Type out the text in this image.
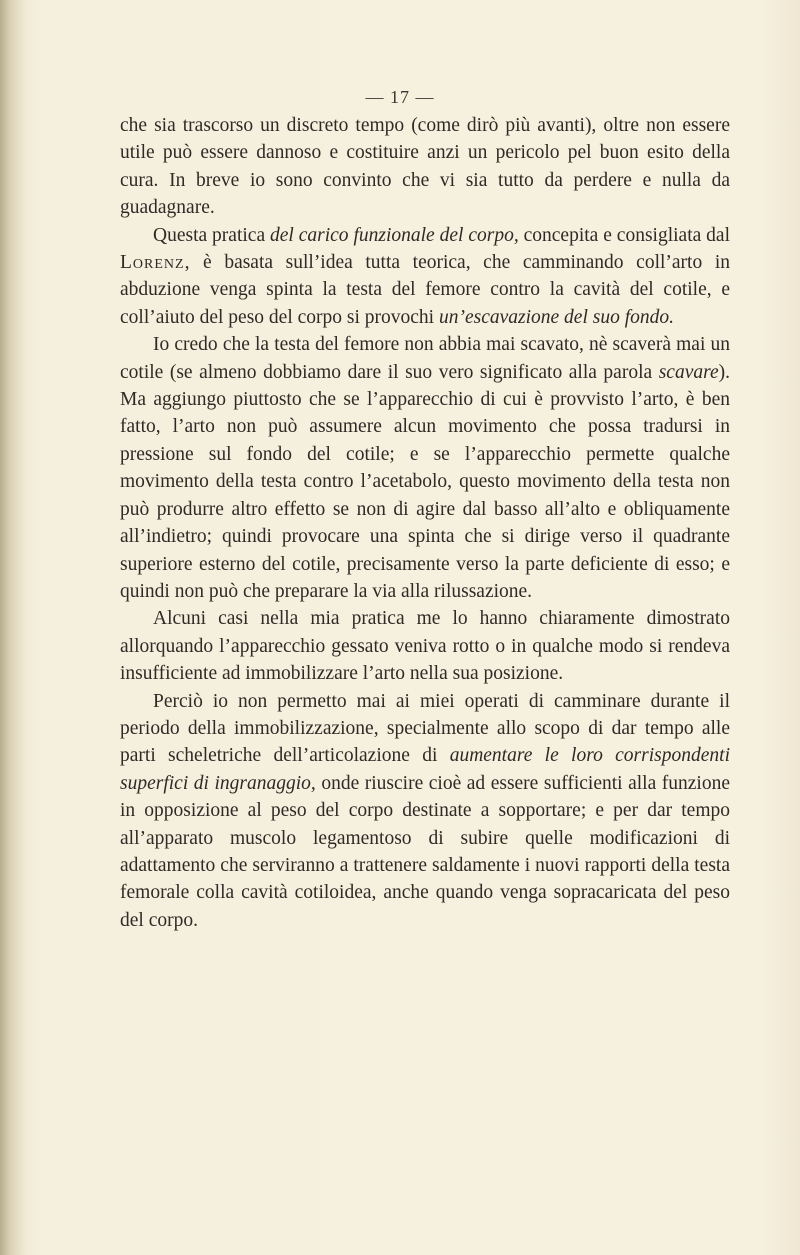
— 17 —

che sia trascorso un discreto tempo (come dirò più avanti), oltre non essere utile può essere dannoso e costituire anzi un pericolo pel buon esito della cura. In breve io sono convinto che vi sia tutto da perdere e nulla da guadagnare.

Questa pratica del carico funzionale del corpo, concepita e consigliata dal Lorenz, è basata sull’idea tutta teorica, che camminando coll’arto in abduzione venga spinta la testa del femore contro la cavità del cotile, e coll’aiuto del peso del corpo si provochi un’escavazione del suo fondo.

Io credo che la testa del femore non abbia mai scavato, nè scaverà mai un cotile (se almeno dobbiamo dare il suo vero significato alla parola scavare). Ma aggiungo piuttosto che se l’apparecchio di cui è provvisto l’arto, è ben fatto, l’arto non può assumere alcun movimento che possa tradursi in pressione sul fondo del cotile; e se l’apparecchio permette qualche movimento della testa contro l’acetabolo, questo movimento della testa non può produrre altro effetto se non di agire dal basso all’alto e obliquamente all’indietro; quindi provocare una spinta che si dirige verso il quadrante superiore esterno del cotile, precisamente verso la parte deficiente di esso; e quindi non può che preparare la via alla rilussazione.

Alcuni casi nella mia pratica me lo hanno chiaramente dimostrato allorquando l’apparecchio gessato veniva rotto o in qualche modo si rendeva insufficiente ad immobilizzare l’arto nella sua posizione.

Perciò io non permetto mai ai miei operati di camminare durante il periodo della immobilizzazione, specialmente allo scopo di dar tempo alle parti scheletriche dell’articolazione di aumentare le loro corrispondenti superfici di ingranaggio, onde riuscire cioè ad essere sufficienti alla funzione in opposizione al peso del corpo destinate a sopportare; e per dar tempo all’apparato muscolo legamentoso di subire quelle modificazioni di adattamento che serviranno a trattenere saldamente i nuovi rapporti della testa femorale colla cavità cotiloidea, anche quando venga sopracaricata del peso del corpo.
